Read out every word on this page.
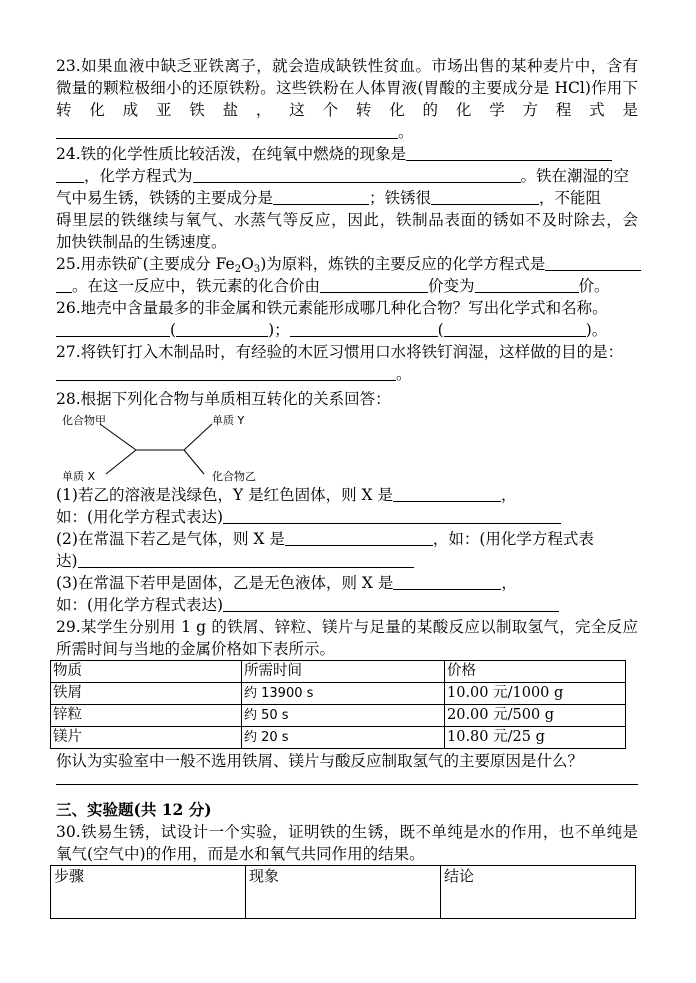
23.如果血液中缺乏亚铁离子，就会造成缺铁性贫血。市场出售的某种麦片中，含有
微量的颗粒极细小的还原铁粉。这些铁粉在人体胃液(胃酸的主要成分是 HCl)作用下
转化成亚铁盐，这个转化的化学方程式是
。
24.铁的化学性质比较活泼，在纯氧中燃烧的现象是
，化学方程式为	。铁在潮湿的空
气中易生锈，铁锈的主要成分是	；铁锈很	，不能阻
碍里层的铁继续与氧气、水蒸气等反应，因此，铁制品表面的锈如不及时除去，会
加快铁制品的生锈速度。
25.用赤铁矿(主要成分 $Fe_2O_3$)为原料，炼铁的主要反应的化学方程式是
。在这一反应中，铁元素的化合价由	价变为	价。
26.地壳中含量最多的非金属和铁元素能形成哪几种化合物？写出化学式和名称。
(	)；	(	)。
27.将铁钉打入木制品时，有经验的木匠习惯用口水将铁钉润湿，这样做的目的是：
。
28.根据下列化合物与单质相互转化的关系回答：
化合物甲	单质 Y
单质 X	化合物乙
(1)若乙的溶液是浅绿色，Y 是红色固体，则 X 是	，
如：(用化学方程式表达)
(2)在常温下若乙是气体，则 X 是	，如：(用化学方程式表
达)
(3)在常温下若甲是固体，乙是无色液体，则 X 是	，
如：(用化学方程式表达)
29.某学生分别用 1 g 的铁屑、锌粒、镁片与足量的某酸反应以制取氢气，完全反应
所需时间与当地的金属价格如下表所示。
物质	所需时间	价格
铁屑	约 13900 s	10.00 元/1000 g
锌粒	约 50 s	20.00 元/500 g
镁片	约 20 s	10.80 元/25 g
你认为实验室中一般不选用铁屑、镁片与酸反应制取氢气的主要原因是什么？
三、实验题(共 12 分)
30.铁易生锈，试设计一个实验，证明铁的生锈，既不单纯是水的作用，也不单纯是
氧气(空气中)的作用，而是水和氧气共同作用的结果。
步骤	现象	结论
